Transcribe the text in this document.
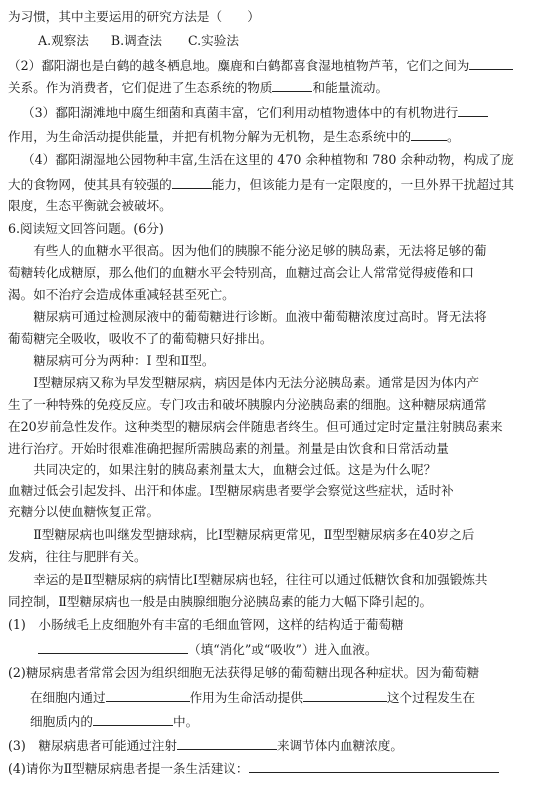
为习惯，其中主要运用的研究方法是（　　）
A.观察法 B.调查法 C.实验法
（2）鄱阳湖也是白鹤的越冬栖息地。麋鹿和白鹤都喜食湿地植物芦苇，它们之间为
关系。作为消费者，它们促进了生态系统的物质	和能量流动。
（3）鄱阳湖滩地中腐生细菌和真菌丰富，它们利用动植物遗体中的有机物进行
作用，为生命活动提供能量，并把有机物分解为无机物，是生态系统中的	。
（4）鄱阳湖湿地公园物种丰富,生活在这里的 470 余种植物和 780 余种动物，构成了庞
大的食物网，使其具有较强的	能力，但该能力是有一定限度的，一旦外界干扰超过其
限度，生态平衡就会被破坏。
6.阅读短文回答问题。(6分)
　　有些人的血糖水平很高。因为他们的胰腺不能分泌足够的胰岛素，无法将足够的葡
萄糖转化成糖原，那么他们的血糖水平会特别高，血糖过高会让人常常觉得疲倦和口
渴。如不治疗会造成体重减轻甚至死亡。
　　糖尿病可通过检测尿液中的葡萄糖进行诊断。血液中葡萄糖浓度过高时。肾无法将
葡萄糖完全吸收，吸收不了的葡萄糖只好排出。
　　糖尿病可分为两种：I 型和Ⅱ型。
　　I型糖尿病又称为早发型糖尿病，病因是体内无法分泌胰岛素。通常是因为体内产
生了一种特殊的免疫反应。专门攻击和破坏胰腺内分泌胰岛素的细胞。这种糖尿病通常
在20岁前急性发作。这种类型的糖尿病会伴随患者终生。但可通过定时定量注射胰岛素来
进行治疗。开始时很难准确把握所需胰岛素的剂量。剂量是由饮食和日常活动量
　　共同决定的，如果注射的胰岛素剂量太大，血糖会过低。这是为什么呢？
血糖过低会引起发抖、出汗和体虚。I型糖尿病患者要学会察觉这些症状，适时补
充糖分以使血糖恢复正常。
　　Ⅱ型糖尿病也叫继发型搪球病，比I型糖尿病更常见，Ⅱ型型糖尿病多在40岁之后
发病，往往与肥胖有关。
　　幸运的是Ⅱ型糖尿病的病情比I型糖尿病也轻，往往可以通过低糖饮食和加强锻炼共
同控制，Ⅱ型糖尿病也一般是由胰腺细胞分泌胰岛素的能力大幅下降引起的。
(1)　小肠绒毛上皮细胞外有丰富的毛细血管网，这样的结构适于葡萄糖
（填“消化”或“吸收”）进入血液。
(2)糖尿病患者常常会因为组织细胞无法获得足够的葡萄糖出现各种症状。因为葡萄糖
在细胞内通过	作用为生命活动提供	这个过程发生在
细胞质内的	中。
(3)　糖尿病患者可能通过注射	来调节体内血糖浓度。
(4)请你为Ⅱ型糖尿病患者提一条生活建议：
